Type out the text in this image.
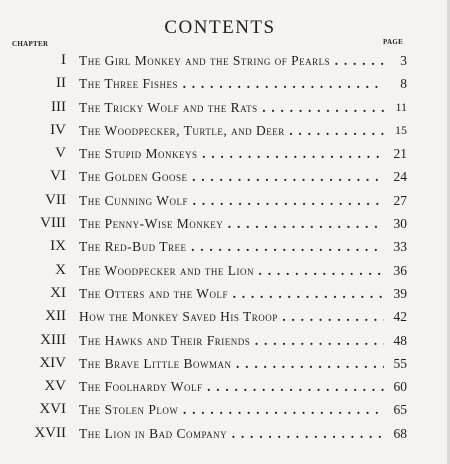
CONTENTS
CHAPTER	PAGE
I The Girl Monkey and the String of Pearls . .	3
II The Three Fishes . .	8
III The Tricky Wolf and the Rats . .	11
IV The Woodpecker, Turtle, and Deer . .	15
V The Stupid Monkeys . .	21
VI The Golden Goose . .	24
VII The Cunning Wolf . .	27
VIII The Penny-Wise Monkey . .	30
IX The Red-Bud Tree . .	33
X The Woodpecker and the Lion . .	36
XI The Otters and the Wolf . .	39
XII How the Monkey Saved His Troop . .	42
XIII The Hawks and Their Friends . .	48
XIV The Brave Little Bowman . .	55
XV The Foolhardy Wolf . .	60
XVI The Stolen Plow . .	65
XVII The Lion in Bad Company . .	68
